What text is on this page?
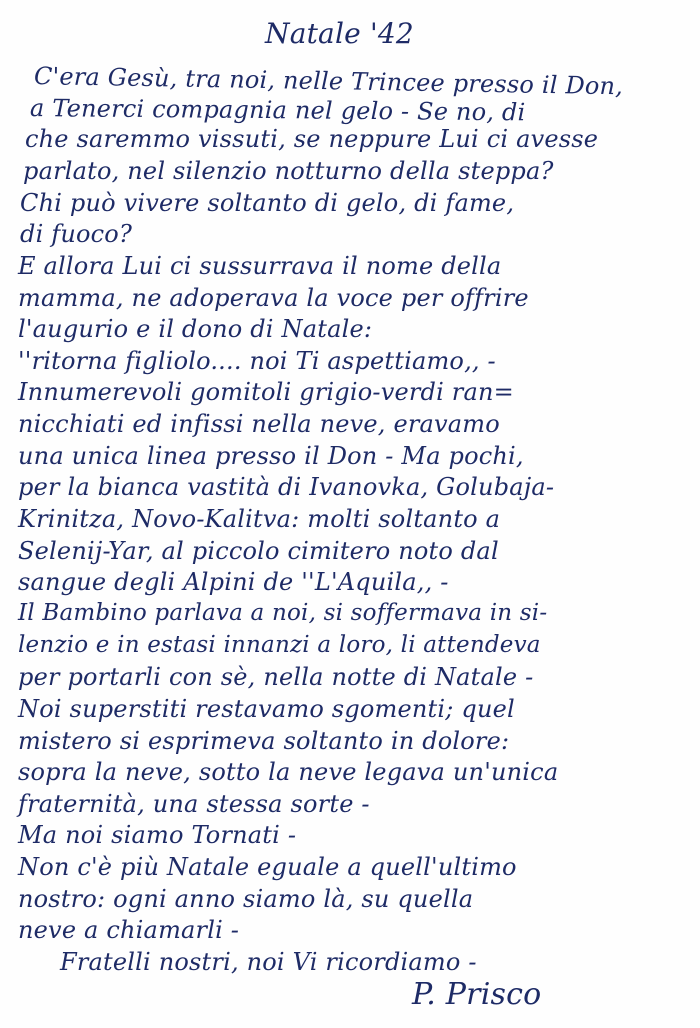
Natale '42
C'era Gesù, tra noi, nelle Trincee presso il Don,
a Tenerci compagnia nel gelo - Se no, di
che saremmo vissuti, se neppure Lui ci avesse
parlato, nel silenzio notturno della steppa?
Chi può vivere soltanto di gelo, di fame,
di fuoco?
E allora Lui ci sussurrava il nome della
mamma, ne adoperava la voce per offrire
l'augurio e il dono di Natale:
''ritorna figliolo.... noi Ti aspettiamo,, -
Innumerevoli gomitoli grigio-verdi ran=
nicchiati ed infissi nella neve, eravamo
una unica linea presso il Don - Ma pochi,
per la bianca vastità di Ivanovka, Golubaja-
Krinitza, Novo-Kalitva: molti soltanto a
Selenij-Yar, al piccolo cimitero noto dal
sangue degli Alpini de ''L'Aquila,, -
Il Bambino parlava a noi, si soffermava in si-
lenzio e in estasi innanzi a loro, li attendeva
per portarli con sè, nella notte di Natale -
Noi superstiti restavamo sgomenti; quel
mistero si esprimeva soltanto in dolore:
sopra la neve, sotto la neve legava un'unica
fraternità, una stessa sorte -
Ma noi siamo Tornati -
Non c'è più Natale eguale a quell'ultimo
nostro: ogni anno siamo là, su quella
neve a chiamarli -
Fratelli nostri, noi Vi ricordiamo -
P. Prisco
